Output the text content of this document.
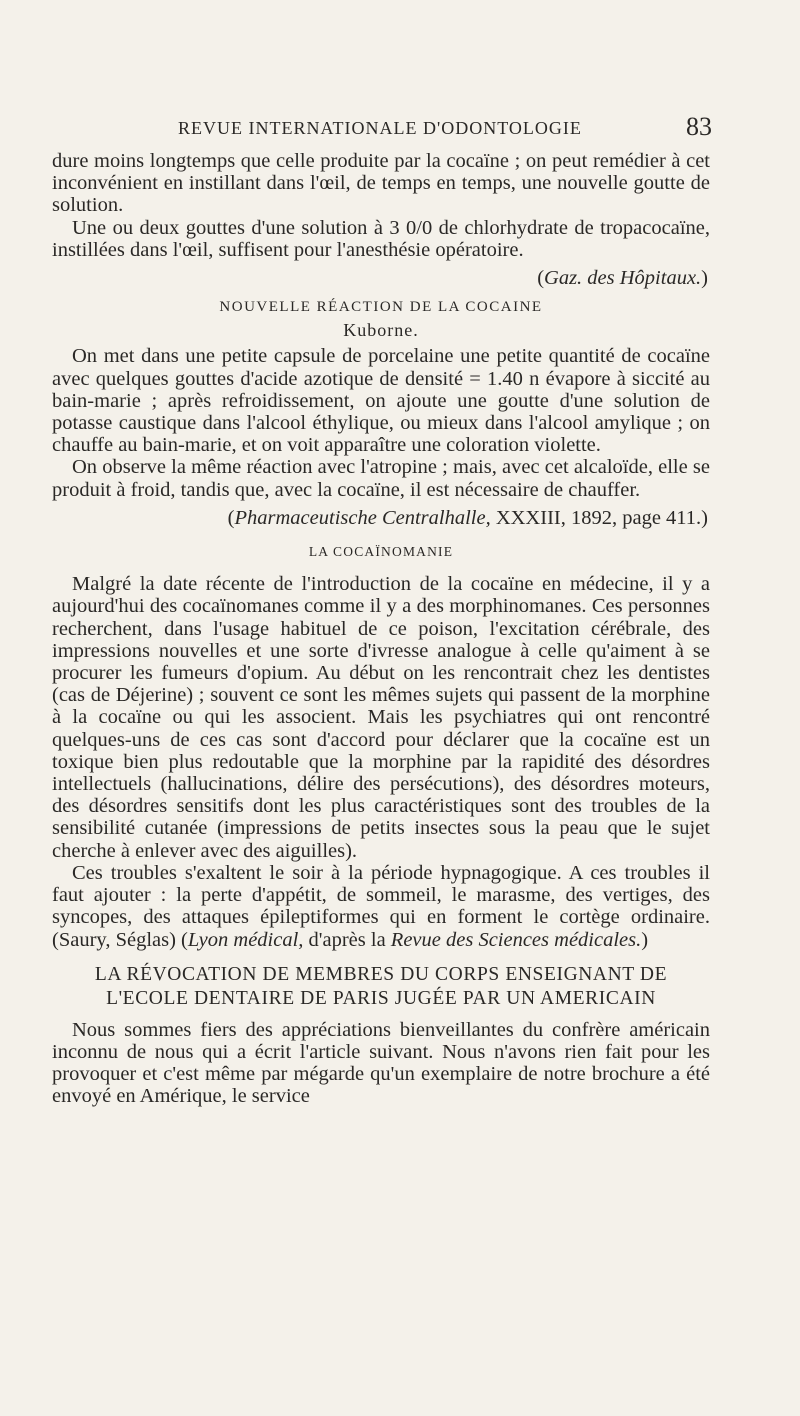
REVUE INTERNATIONALE D'ODONTOLOGIE	83

dure moins longtemps que celle produite par la cocaïne ; on peut remédier à cet inconvénient en instillant dans l'œil, de temps en temps, une nouvelle goutte de solution.

Une ou deux gouttes d'une solution à 3 0/0 de chlorhydrate de tropacocaïne, instillées dans l'œil, suffisent pour l'anesthésie opératoire.

(Gaz. des Hôpitaux.)
NOUVELLE RÉACTION DE LA COCAINE
Kuborne.

On met dans une petite capsule de porcelaine une petite quantité de cocaïne avec quelques gouttes d'acide azotique de densité = 1.40 n évapore à siccité au bain-marie ; après refroidissement, on ajoute une goutte d'une solution de potasse caustique dans l'alcool éthylique, ou mieux dans l'alcool amylique ; on chauffe au bain-marie, et on voit apparaître une coloration violette.

On observe la même réaction avec l'atropine ; mais, avec cet alcaloïde, elle se produit à froid, tandis que, avec la cocaïne, il est nécessaire de chauffer.

(Pharmaceutische Centralhalle, XXXIII, 1892, page 411.)
LA COCAÏNOMANIE

Malgré la date récente de l'introduction de la cocaïne en médecine, il y a aujourd'hui des cocaïnomanes comme il y a des morphinomanes. Ces personnes recherchent, dans l'usage habituel de ce poison, l'excitation cérébrale, des impressions nouvelles et une sorte d'ivresse analogue à celle qu'aiment à se procurer les fumeurs d'opium. Au début on les rencontrait chez les dentistes (cas de Déjerine) ; souvent ce sont les mêmes sujets qui passent de la morphine à la cocaïne ou qui les associent. Mais les psychiatres qui ont rencontré quelques-uns de ces cas sont d'accord pour déclarer que la cocaïne est un toxique bien plus redoutable que la morphine par la rapidité des désordres intellectuels (hallucinations, délire des persécutions), des désordres moteurs, des désordres sensitifs dont les plus caractéristiques sont des troubles de la sensibilité cutanée (impressions de petits insectes sous la peau que le sujet cherche à enlever avec des aiguilles).

Ces troubles s'exaltent le soir à la période hypnagogique. A ces troubles il faut ajouter : la perte d'appétit, de sommeil, le marasme, des vertiges, des syncopes, des attaques épileptiformes qui en forment le cortège ordinaire. (Saury, Séglas) (Lyon médical, d'après la Revue des Sciences médicales.)

LA RÉVOCATION DE MEMBRES DU CORPS ENSEIGNANT DE
L'ECOLE DENTAIRE DE PARIS JUGÉE PAR UN AMERICAIN

Nous sommes fiers des appréciations bienveillantes du confrère américain inconnu de nous qui a écrit l'article suivant. Nous n'avons rien fait pour les provoquer et c'est même par mégarde qu'un exemplaire de notre brochure a été envoyé en Amérique, le service
